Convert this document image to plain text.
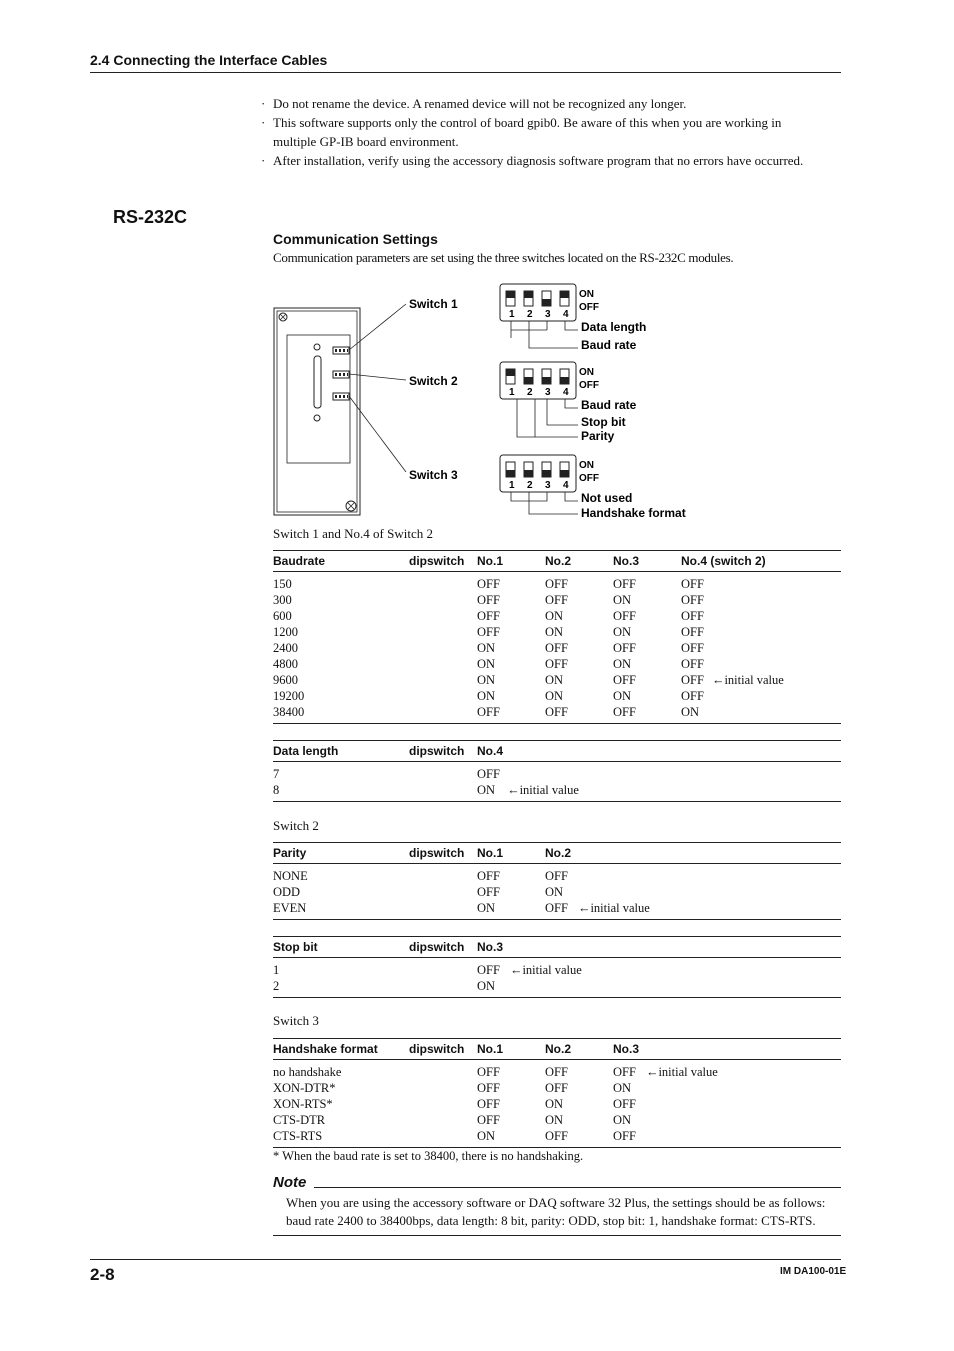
2.4 Connecting the Interface Cables
· Do not rename the device. A renamed device will not be recognized any longer.
· This software supports only the control of board gpib0. Be aware of this when you are working in multiple GP-IB board environment.
· After installation, verify using the accessory diagnosis software program that no errors have occurred.
RS-232C
Communication Settings
Communication parameters are set using the three switches located on the RS-232C modules.
Switch 1
Switch 2
Switch 3
1 2 3 4
ON
OFF
Data length
Baud rate
1 2 3 4
ON
OFF
Baud rate
Stop bit
Parity
1 2 3 4
ON
OFF
Not used
Handshake format
Switch 1 and No.4 of Switch 2
Baudrate	dipswitch	No.1	No.2	No.3	No.4 (switch 2)
150		OFF	OFF	OFF	OFF
300		OFF	OFF	ON	OFF
600		OFF	ON	OFF	OFF
1200		OFF	ON	ON	OFF
2400		ON	OFF	OFF	OFF
4800		ON	OFF	ON	OFF
9600		ON	ON	OFF	OFF ←initial value
19200		ON	ON	ON	OFF
38400		OFF	OFF	OFF	ON
Data length	dipswitch	No.4
7		OFF
8		ON ←initial value
Switch 2
Parity	dipswitch	No.1	No.2
NONE		OFF	OFF
ODD		OFF	ON
EVEN		ON	OFF ←initial value
Stop bit	dipswitch	No.3
1		OFF ←initial value
2		ON
Switch 3
Handshake format	dipswitch	No.1	No.2	No.3
no handshake		OFF	OFF	OFF ←initial value
XON-DTR*		OFF	OFF	ON
XON-RTS*		OFF	ON	OFF
CTS-DTR		OFF	ON	ON
CTS-RTS		ON	OFF	OFF
* When the baud rate is set to 38400, there is no handshaking.
Note
When you are using the accessory software or DAQ software 32 Plus, the settings should be as follows: baud rate 2400 to 38400bps, data length: 8 bit, parity: ODD, stop bit: 1, handshake format: CTS-RTS.
2-8	IM DA100-01E
